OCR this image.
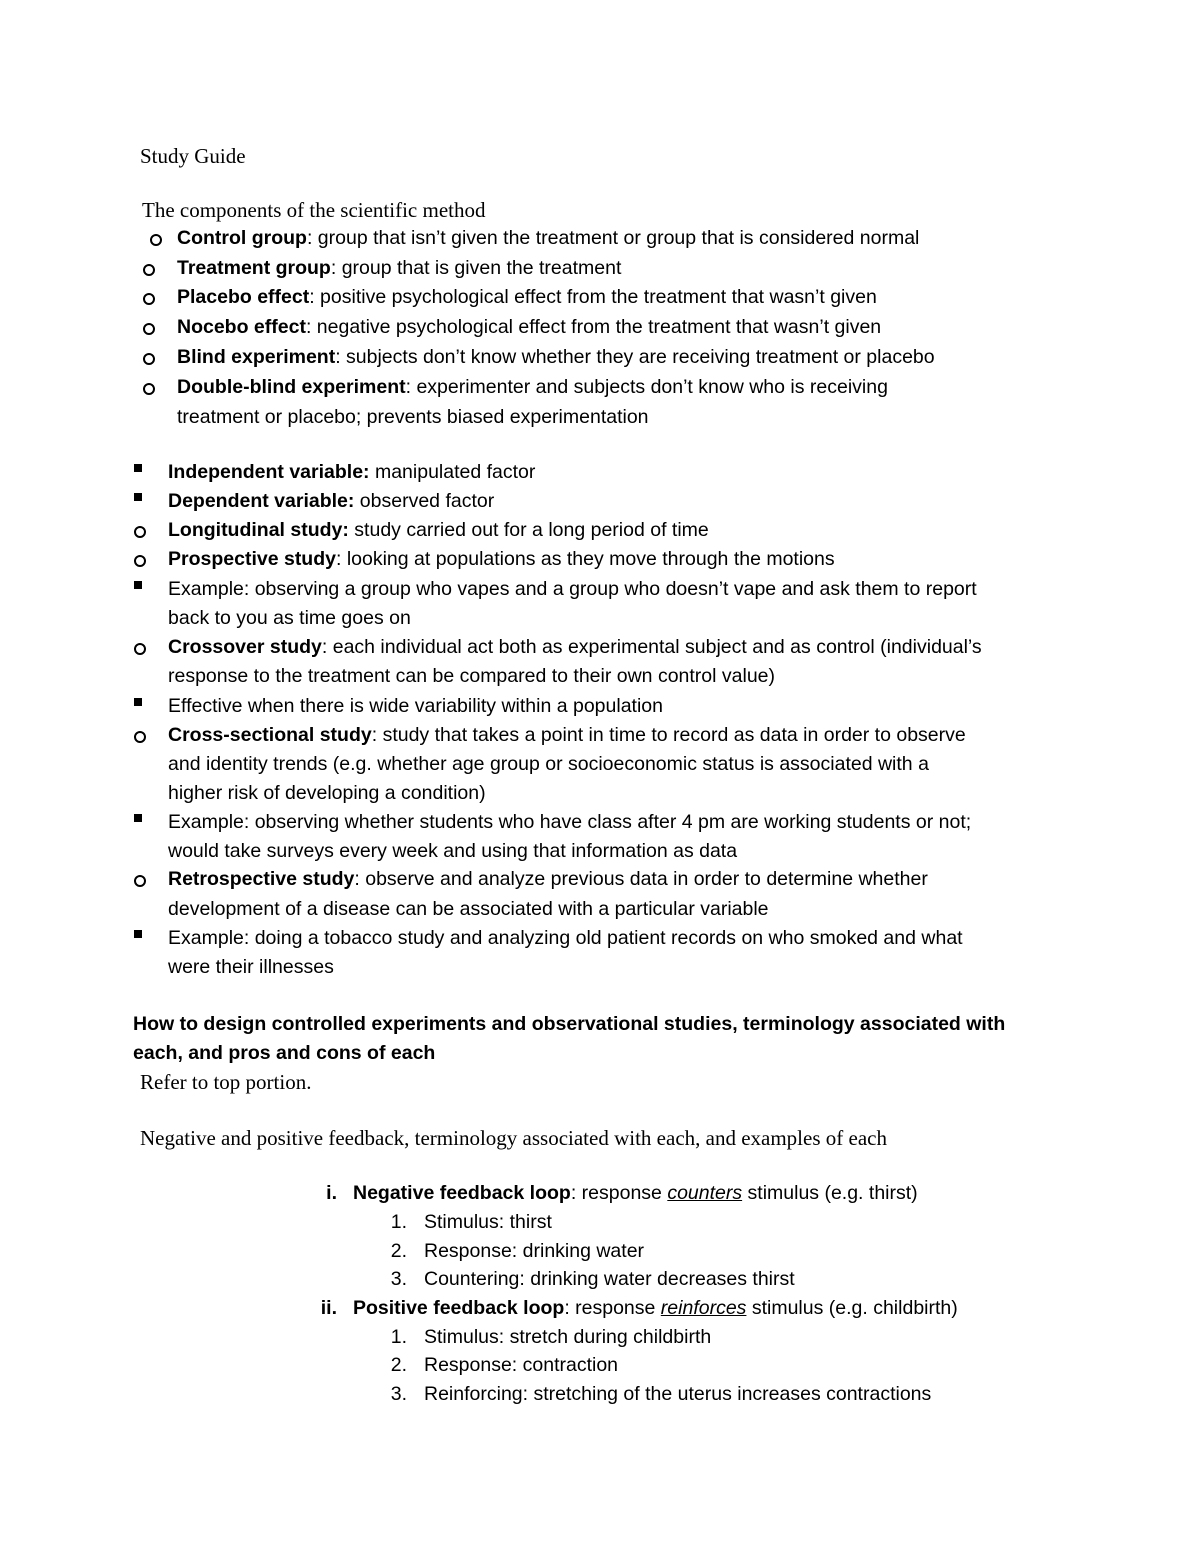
Study Guide
The components of the scientific method
Control group: group that isn’t given the treatment or group that is considered normal
Treatment group: group that is given the treatment
Placebo effect: positive psychological effect from the treatment that wasn’t given
Nocebo effect: negative psychological effect from the treatment that wasn’t given
Blind experiment: subjects don’t know whether they are receiving treatment or placebo
Double-blind experiment: experimenter and subjects don’t know who is receiving
treatment or placebo; prevents biased experimentation
Independent variable: manipulated factor
Dependent variable: observed factor
Longitudinal study: study carried out for a long period of time
Prospective study: looking at populations as they move through the motions
Example: observing a group who vapes and a group who doesn’t vape and ask them to report
back to you as time goes on
Crossover study: each individual act both as experimental subject and as control (individual’s
response to the treatment can be compared to their own control value)
Effective when there is wide variability within a population
Cross-sectional study: study that takes a point in time to record as data in order to observe
and identity trends (e.g. whether age group or socioeconomic status is associated with a
higher risk of developing a condition)
Example: observing whether students who have class after 4 pm are working students or not;
would take surveys every week and using that information as data
Retrospective study: observe and analyze previous data in order to determine whether
development of a disease can be associated with a particular variable
Example: doing a tobacco study and analyzing old patient records on who smoked and what
were their illnesses
How to design controlled experiments and observational studies, terminology associated with
each, and pros and cons of each
Refer to top portion.
Negative and positive feedback, terminology associated with each, and examples of each
i. Negative feedback loop: response counters stimulus (e.g. thirst)
1. Stimulus: thirst
2. Response: drinking water
3. Countering: drinking water decreases thirst
ii. Positive feedback loop: response reinforces stimulus (e.g. childbirth)
1. Stimulus: stretch during childbirth
2. Response: contraction
3. Reinforcing: stretching of the uterus increases contractions
